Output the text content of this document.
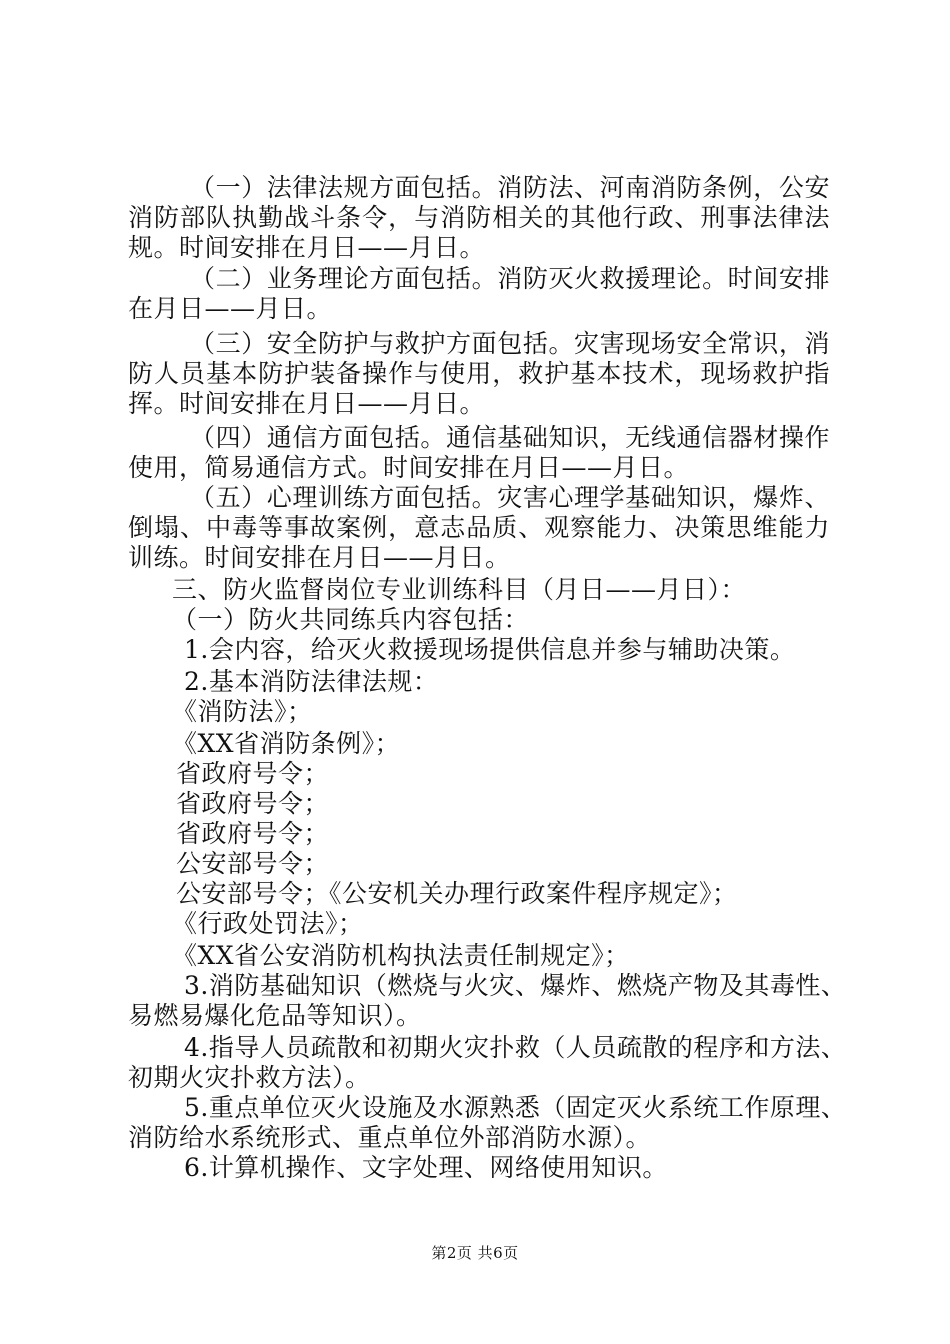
（一）法律法规方面包括。消防法、河南消防条例，公安
消防部队执勤战斗条令，与消防相关的其他行政、刑事法律法
规。时间安排在月日——月日。
（二）业务理论方面包括。消防灭火救援理论。时间安排
在月日——月日。
（三）安全防护与救护方面包括。灾害现场安全常识，消
防人员基本防护装备操作与使用，救护基本技术，现场救护指
挥。时间安排在月日——月日。
（四）通信方面包括。通信基础知识，无线通信器材操作
使用，简易通信方式。时间安排在月日——月日。
（五）心理训练方面包括。灾害心理学基础知识，爆炸、
倒塌、中毒等事故案例，意志品质、观察能力、决策思维能力
训练。时间安排在月日——月日。
三、防火监督岗位专业训练科目（月日——月日）：
（一）防火共同练兵内容包括：
1.会内容，给灭火救援现场提供信息并参与辅助决策。
2.基本消防法律法规：
《消防法》；
《XX省消防条例》；
省政府号令；
省政府号令；
省政府号令；
公安部号令；
公安部号令；《公安机关办理行政案件程序规定》；
《行政处罚法》；
《XX省公安消防机构执法责任制规定》；
3.消防基础知识（燃烧与火灾、爆炸、燃烧产物及其毒性、
易燃易爆化危品等知识）。
4.指导人员疏散和初期火灾扑救（人员疏散的程序和方法、
初期火灾扑救方法）。
5.重点单位灭火设施及水源熟悉（固定灭火系统工作原理、
消防给水系统形式、重点单位外部消防水源）。
6.计算机操作、文字处理、网络使用知识。
第2页 共6页
